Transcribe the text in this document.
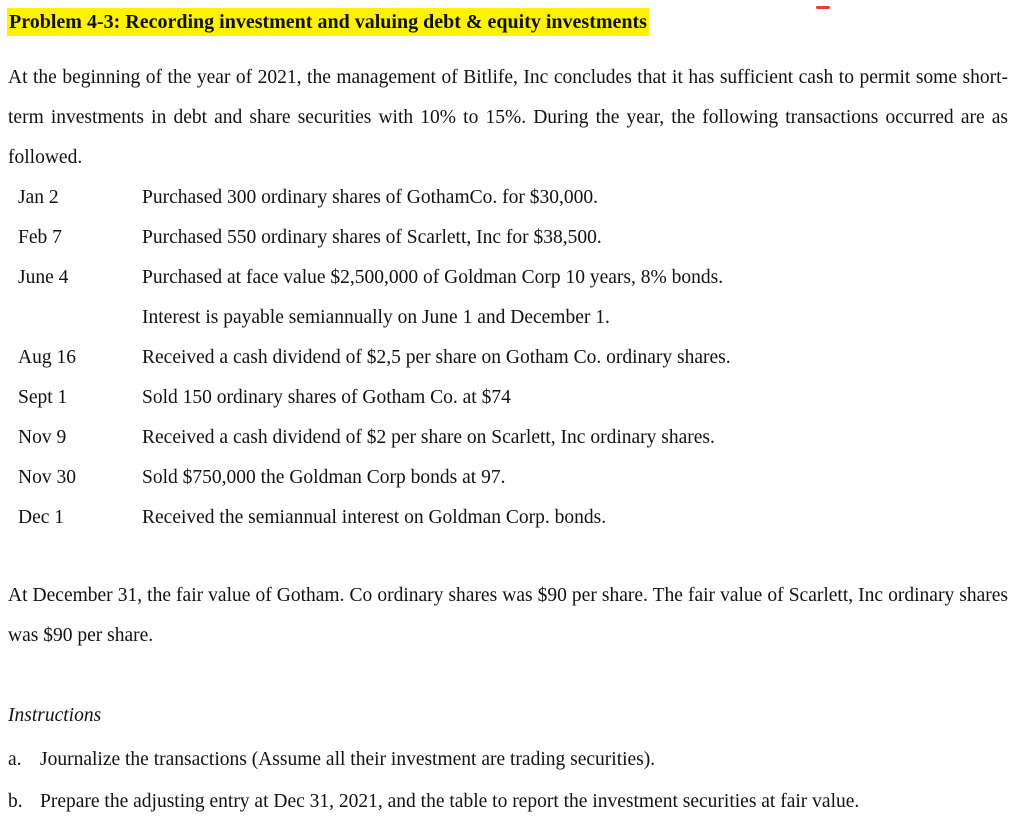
Problem 4-3: Recording investment and valuing debt & equity investments

At the beginning of the year of 2021, the management of Bitlife, Inc concludes that it has sufficient cash to permit some short-term investments in debt and share securities with 10% to 15%. During the year, the following transactions occurred are as followed.

Jan 2	Purchased 300 ordinary shares of GothamCo. for $30,000.
Feb 7	Purchased 550 ordinary shares of Scarlett, Inc for $38,500.
June 4	Purchased at face value $2,500,000 of Goldman Corp 10 years, 8% bonds.
Interest is payable semiannually on June 1 and December 1.
Aug 16	Received a cash dividend of $2,5 per share on Gotham Co. ordinary shares.
Sept 1	Sold 150 ordinary shares of Gotham Co. at $74
Nov 9	Received a cash dividend of $2 per share on Scarlett, Inc ordinary shares.
Nov 30	Sold $750,000 the Goldman Corp bonds at 97.
Dec 1	Received the semiannual interest on Goldman Corp. bonds.

At December 31, the fair value of Gotham. Co ordinary shares was $90 per share. The fair value of Scarlett, Inc ordinary shares was $90 per share.

Instructions
a. Journalize the transactions (Assume all their investment are trading securities).
b. Prepare the adjusting entry at Dec 31, 2021, and the table to report the investment securities at fair value.
